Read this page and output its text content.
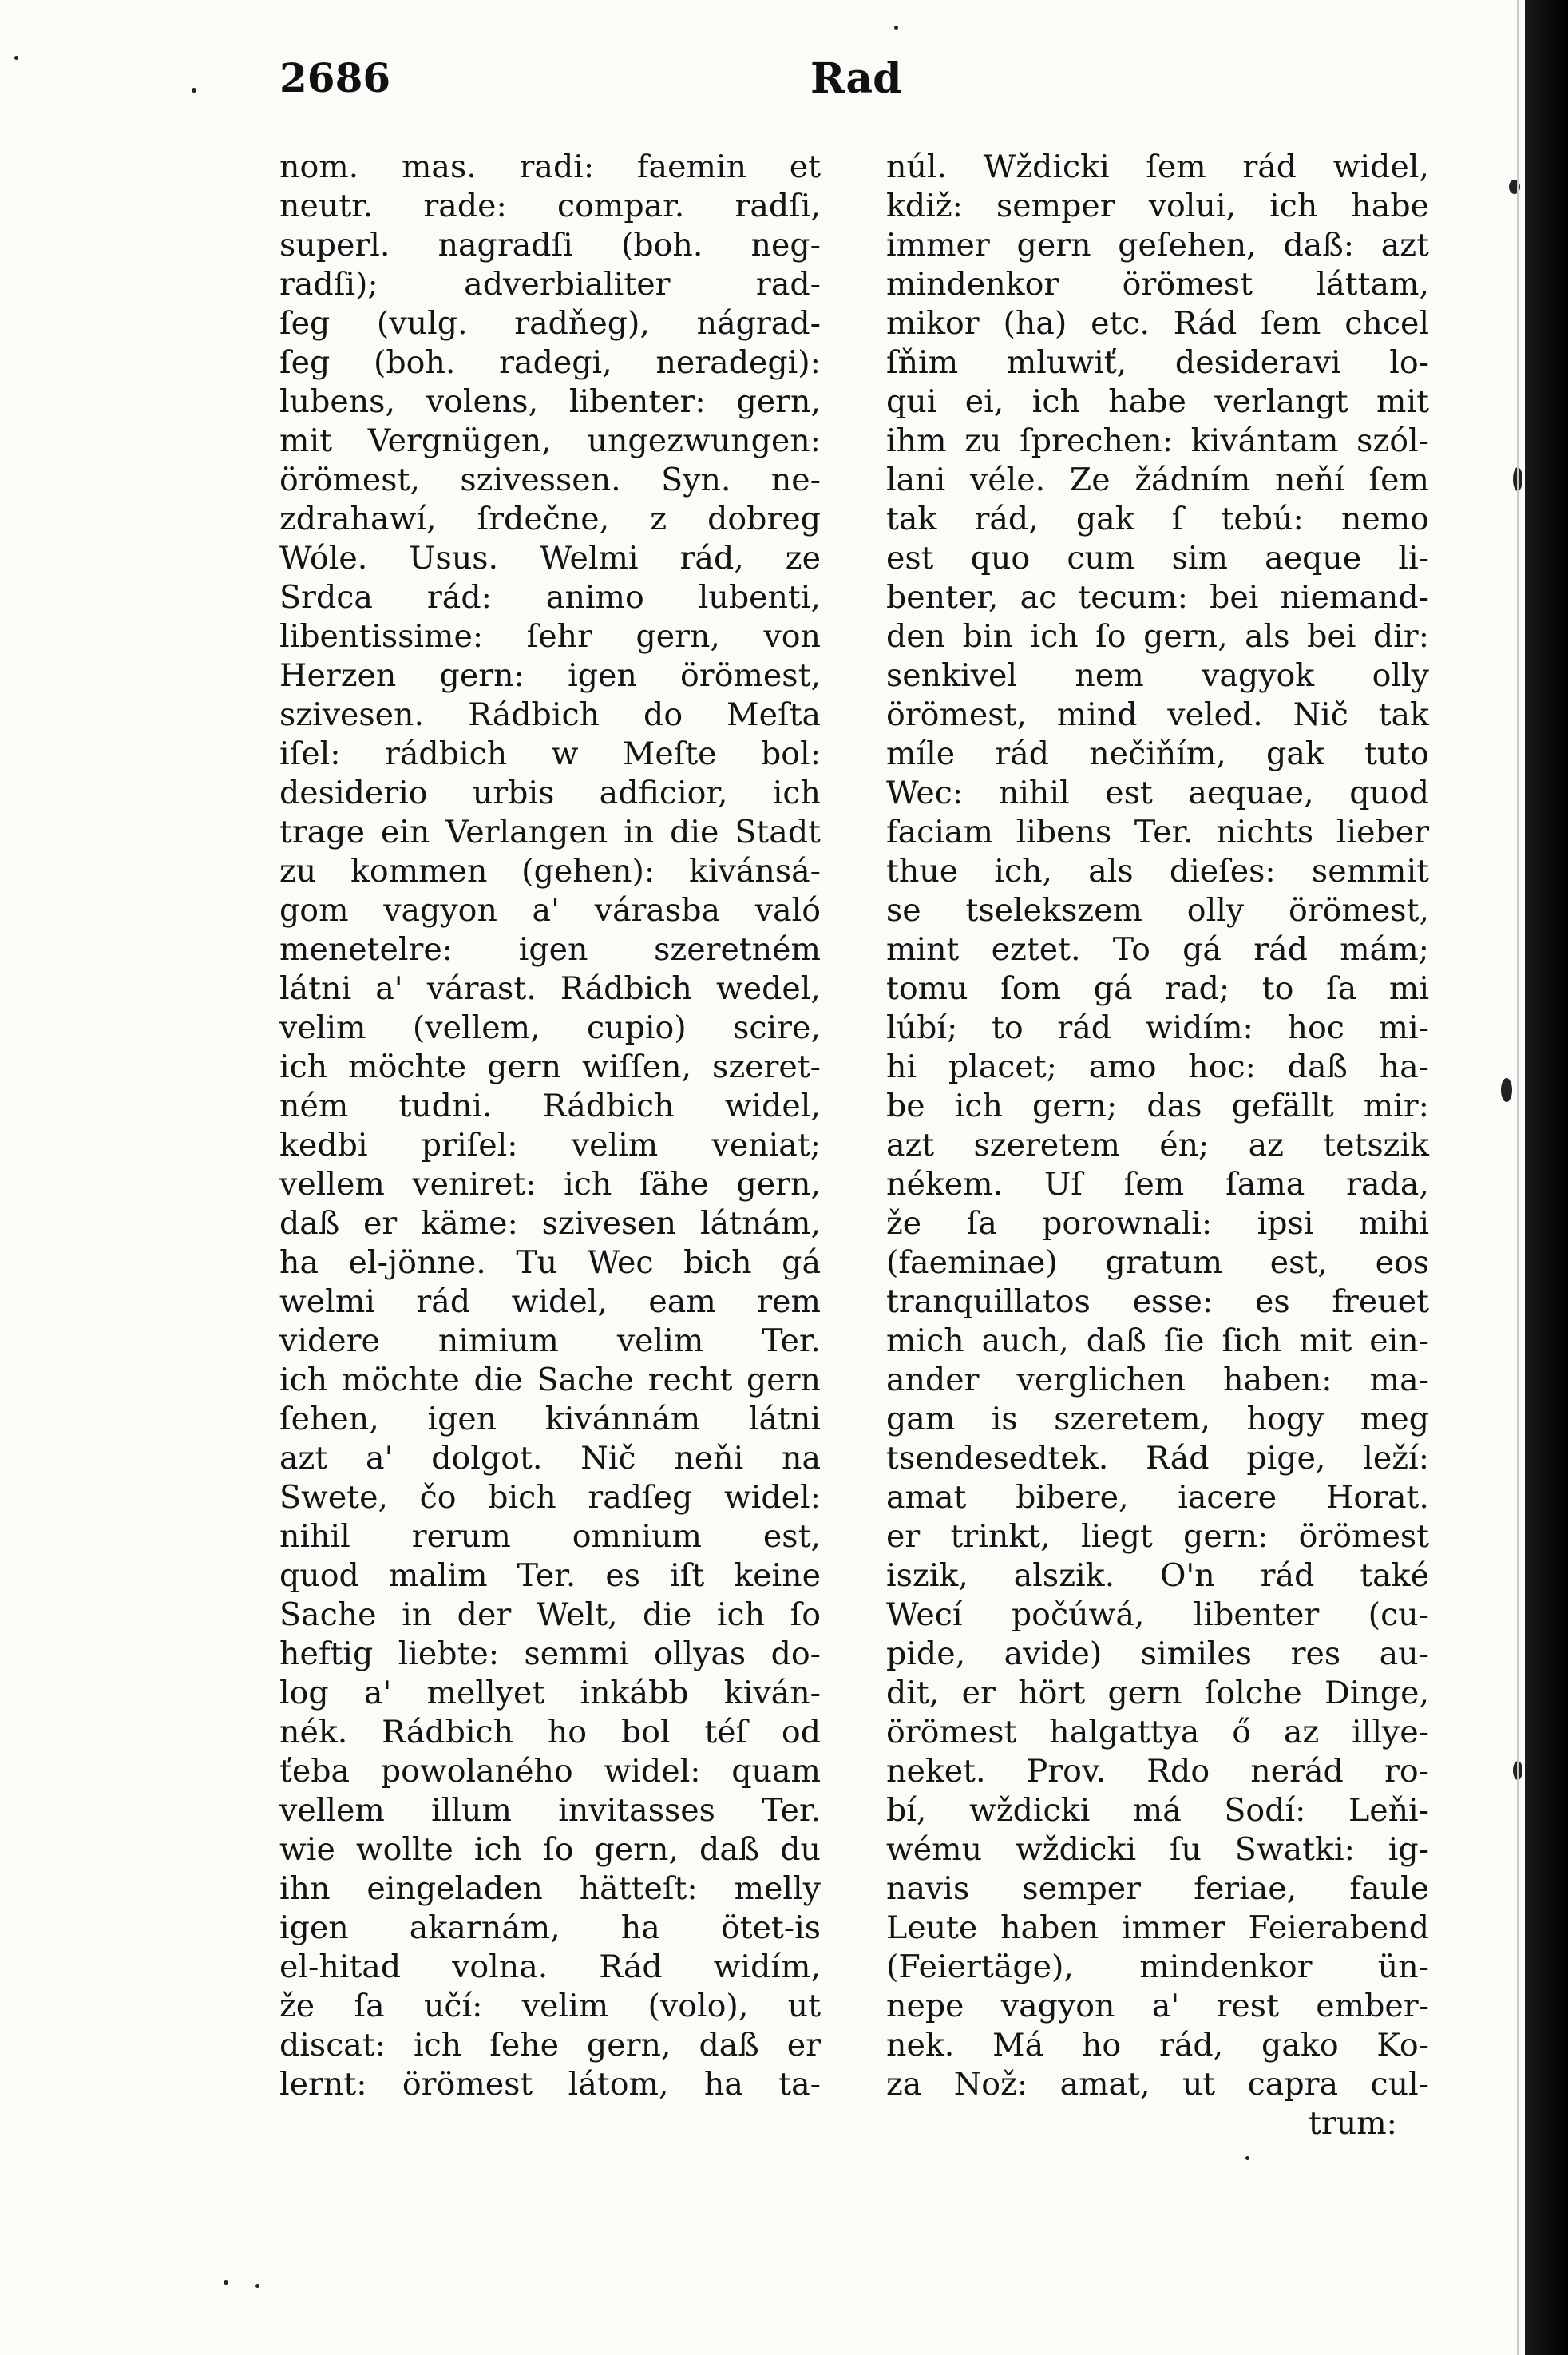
2686	Rad
nom. mas. radi: faemin et
neutr. rade: compar. radſi,
superl. nagradſi (boh. neg-
radſi); adverbialiter rad-
ſeg (vulg. radňeg), nágrad-
ſeg (boh. radegi, neradegi):
lubens, volens, libenter: gern,
mit Vergnügen, ungezwungen:
örömest, szivessen. Syn. ne-
zdrahawí, ſrdečne, z dobreg
Wóle. Usus. Welmi rád, ze
Srdca rád: animo lubenti,
libentissime: ſehr gern, von
Herzen gern: igen örömest,
szivesen. Rádbich do Meſta
iſel: rádbich w Meſte bol:
desiderio urbis adficior, ich
trage ein Verlangen in die Stadt
zu kommen (gehen): kivánsá-
gom vagyon a' várasba való
menetelre: igen szeretném
látni a' várast. Rádbich wedel,
velim (vellem, cupio) scire,
ich möchte gern wiſſen, szeret-
ném tudni. Rádbich widel,
kedbi priſel: velim veniat;
vellem veniret: ich ſähe gern,
daß er käme: szivesen látnám,
ha el-jönne. Tu Wec bich gá
welmi rád widel, eam rem
videre nimium velim Ter.
ich möchte die Sache recht gern
ſehen, igen kivánnám látni
azt a' dolgot. Nič neňi na
Swete, čo bich radſeg widel:
nihil rerum omnium est,
quod malim Ter. es iſt keine
Sache in der Welt, die ich ſo
heftig liebte: semmi ollyas do-
log a' mellyet inkább kiván-
nék. Rádbich ho bol téſ od
ťeba powolaného widel: quam
vellem illum invitasses Ter.
wie wollte ich ſo gern, daß du
ihn eingeladen hätteſt: melly
igen akarnám, ha ötet-is
el-hitad volna. Rád widím,
že ſa učí: velim (volo), ut
discat: ich ſehe gern, daß er
lernt: örömest látom, ha ta-
núl. Wždicki ſem rád widel,
kdiž: semper volui, ich habe
immer gern geſehen, daß: azt
mindenkor örömest láttam,
mikor (ha) etc. Rád ſem chcel
ſňim mluwiť, desideravi lo-
qui ei, ich habe verlangt mit
ihm zu ſprechen: kivántam szól-
lani véle. Ze žádním neňí ſem
tak rád, gak ſ tebú: nemo
est quo cum sim aeque li-
benter, ac tecum: bei niemand-
den bin ich ſo gern, als bei dir:
senkivel nem vagyok olly
örömest, mind veled. Nič tak
míle rád nečiňím, gak tuto
Wec: nihil est aequae, quod
faciam libens Ter. nichts lieber
thue ich, als dieſes: semmit
se tselekszem olly örömest,
mint eztet. To gá rád mám;
tomu ſom gá rad; to ſa mi
lúbí; to rád widím: hoc mi-
hi placet; amo hoc: daß ha-
be ich gern; das gefällt mir:
azt szeretem én; az tetszik
nékem. Uſ ſem ſama rada,
že ſa porownali: ipsi mihi
(faeminae) gratum est, eos
tranquillatos esse: es freuet
mich auch, daß ſie ſich mit ein-
ander verglichen haben: ma-
gam is szeretem, hogy meg
tsendesedtek. Rád pige, leží:
amat bibere, iacere Horat.
er trinkt, liegt gern: örömest
iszik, alszik. O'n rád také
Wecí počúwá, libenter (cu-
pide, avide) similes res au-
dit, er hört gern ſolche Dinge,
örömest halgattya ő az illye-
neket. Prov. Rdo nerád ro-
bí, wždicki má Sodí: Leňi-
wému wždicki ſu Swatki: ig-
navis semper feriae, faule
Leute haben immer Feierabend
(Feiertäge), mindenkor ün-
nepe vagyon a' rest ember-
nek. Má ho rád, gako Ko-
za Nož: amat, ut capra cul-
trum:
